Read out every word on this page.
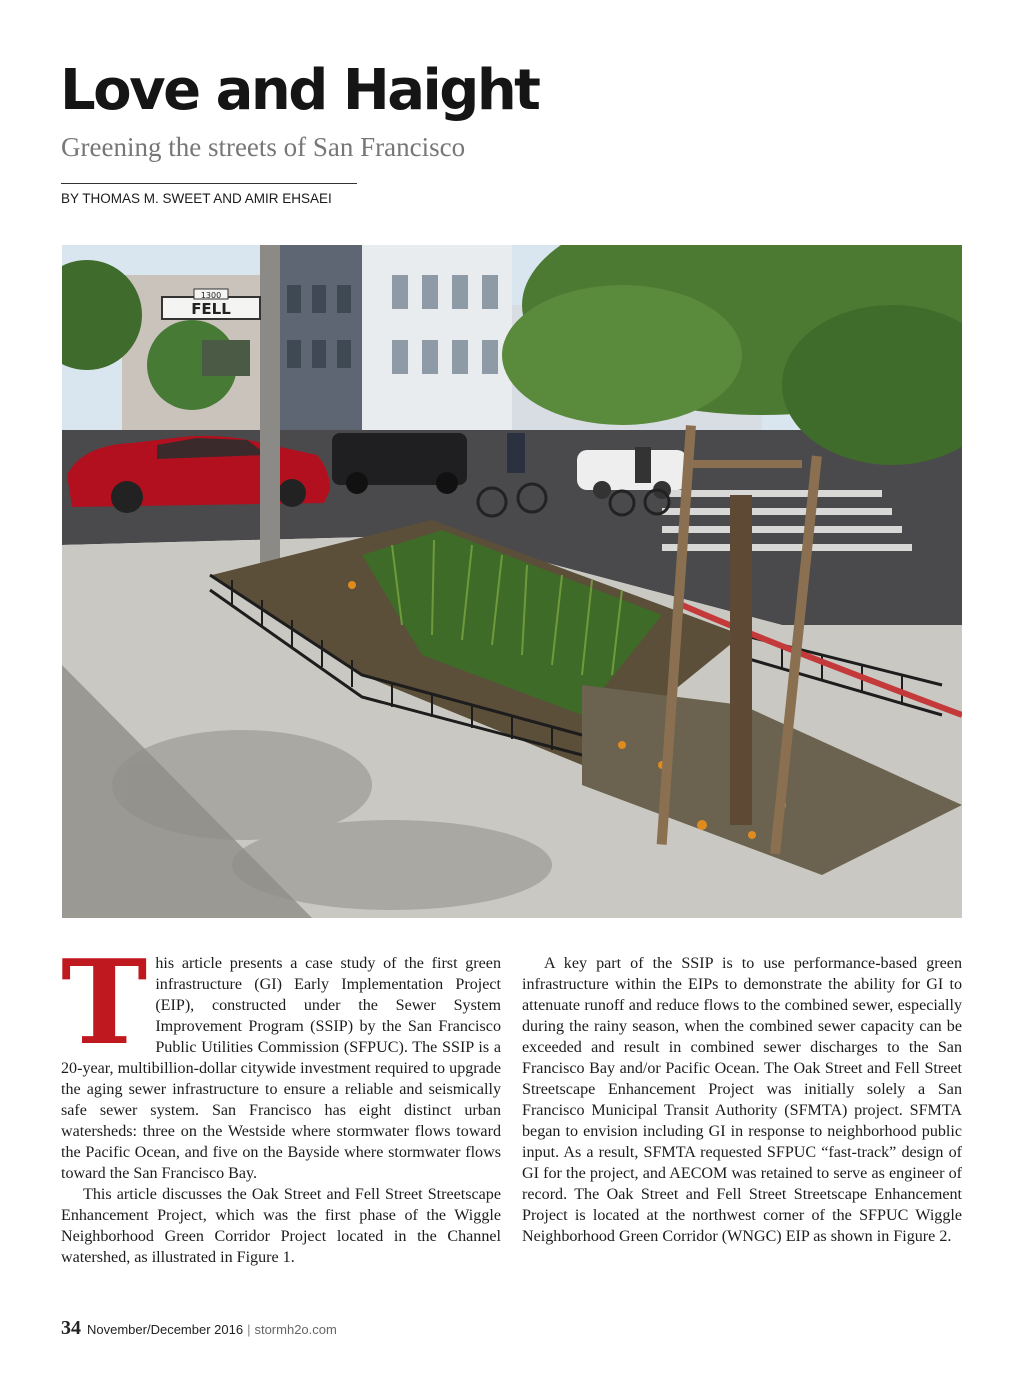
Love and Haight
Greening the streets of San Francisco
BY THOMAS M. SWEET AND AMIR EHSAEI
FELL
1300

This article presents a case study of the first green infrastructure (GI) Early Implementation Project (EIP), constructed under the Sewer System Improvement Program (SSIP) by the San Francisco Public Utilities Commission (SFPUC). The SSIP is a 20-year, multibillion-dollar citywide investment required to upgrade the aging sewer infrastructure to ensure a reliable and seismically safe sewer system. San Francisco has eight distinct urban watersheds: three on the Westside where stormwater flows toward the Pacific Ocean, and five on the Bayside where stormwater flows toward the San Francisco Bay.

This article discusses the Oak Street and Fell Street Streetscape Enhancement Project, which was the first phase of the Wiggle Neighborhood Green Corridor Project located in the Channel watershed, as illustrated in Figure 1.

A key part of the SSIP is to use performance-based green infrastructure within the EIPs to demonstrate the ability for GI to attenuate runoff and reduce flows to the combined sewer, especially during the rainy season, when the combined sewer capacity can be exceeded and result in combined sewer discharges to the San Francisco Bay and/or Pacific Ocean. The Oak Street and Fell Street Streetscape Enhancement Project was initially solely a San Francisco Municipal Transit Authority (SFMTA) project. SFMTA began to envision including GI in response to neighborhood public input. As a result, SFMTA requested SFPUC “fast-track” design of GI for the project, and AECOM was retained to serve as engineer of record. The Oak Street and Fell Street Streetscape Enhancement Project is located at the northwest corner of the SFPUC Wiggle Neighborhood Green Corridor (WNGC) EIP as shown in Figure 2.

34 November/December 2016 | stormh2o.com
